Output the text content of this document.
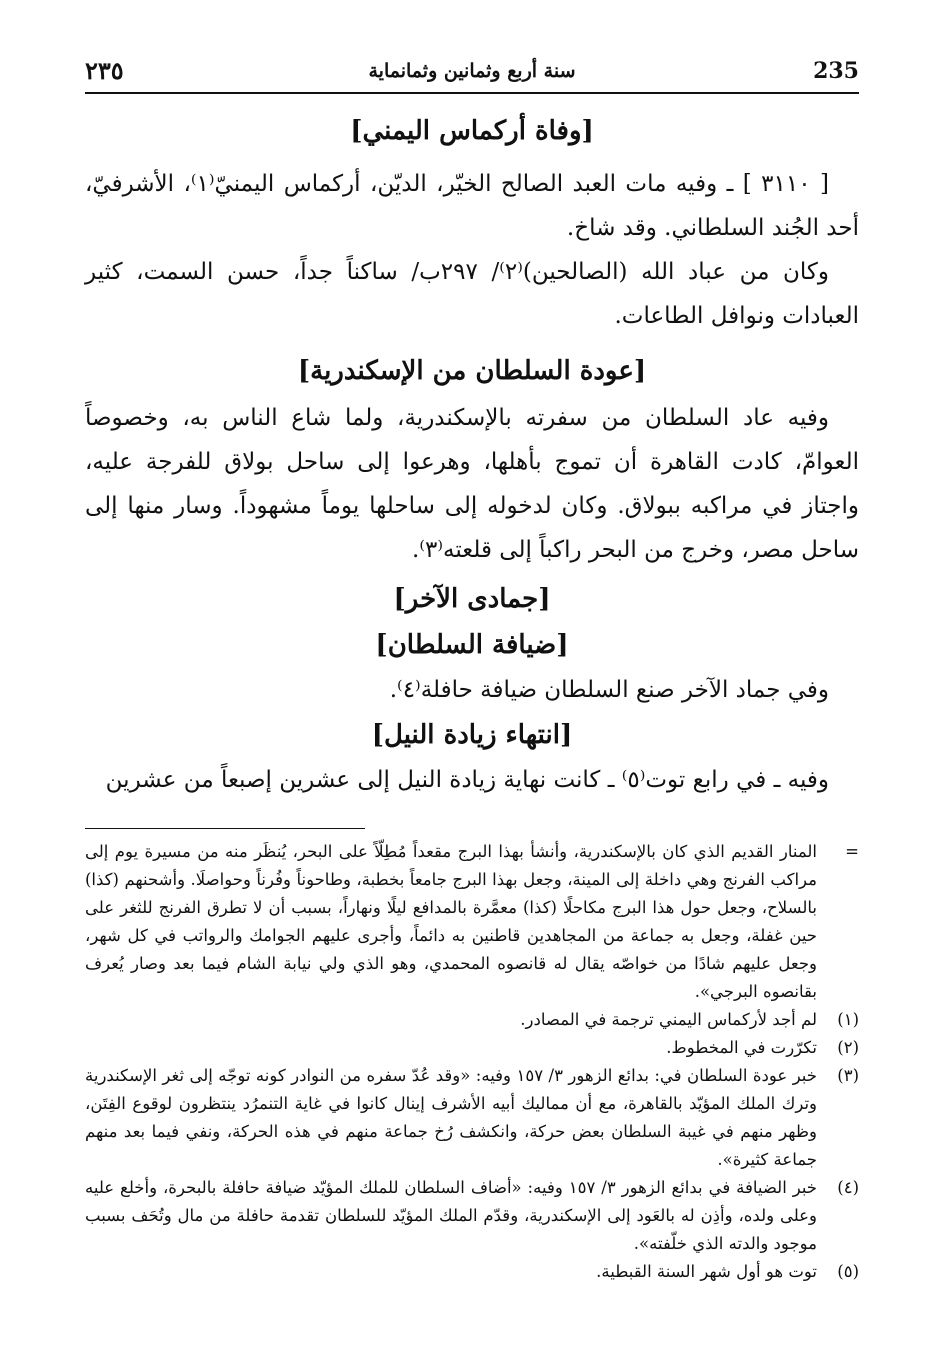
235
سنة أربع وثمانين وثمانماية
٢٣٥

[وفاة أركماس اليمني]

[ ٣١١٠ ] ـ وفيه مات العبد الصالح الخيّر، الديّن، أركماس اليمنيّ⁽١⁾، الأشرفيّ، أحد الجُند السلطاني. وقد شاخ.

وكان من عباد الله (الصالحين)⁽٢⁾/ ٢٩٧ب/ ساكناً جداً، حسن السمت، كثير العبادات ونوافل الطاعات.

[عودة السلطان من الإسكندرية]

وفيه عاد السلطان من سفرته بالإسكندرية، ولما شاع الناس به، وخصوصاً العوامّ، كادت القاهرة أن تموج بأهلها، وهرعوا إلى ساحل بولاق للفرجة عليه، واجتاز في مراكبه ببولاق. وكان لدخوله إلى ساحلها يوماً مشهوداً. وسار منها إلى ساحل مصر، وخرج من البحر راكباً إلى قلعته⁽٣⁾.

[جمادى الآخر]

[ضيافة السلطان]

وفي جماد الآخر صنع السلطان ضيافة حافلة⁽٤⁾.

[انتهاء زيادة النيل]

وفيه ـ في رابع توت⁽٥⁾ ـ كانت نهاية زيادة النيل إلى عشرين إصبعاً من عشرين

=
المنار القديم الذي كان بالإسكندرية، وأنشأ بهذا البرج مقعداً مُطِلّاً على البحر، يُنظَر منه من مسيرة يوم إلى مراكب الفرنج وهي داخلة إلى المينة، وجعل بهذا البرج جامعاً بخطبة، وطاحوناً وفُرناً وحواصلَا. وأشحنهم (كذا) بالسلاح، وجعل حول هذا البرج مكاحلًا (كذا) معمَّرة بالمدافع ليلًا ونهاراً، بسبب أن لا تطرق الفرنج للثغر على حين غفلة، وجعل به جماعة من المجاهدين قاطنين به دائماً، وأجرى عليهم الجوامك والرواتب في كل شهر، وجعل عليهم شادًا من خواصّه يقال له قانصوه المحمدي، وهو الذي ولي نيابة الشام فيما بعد وصار يُعرف بقانصوه البرجي».
(١)
لم أجد لأركماس اليمني ترجمة في المصادر.
(٢)
تكرّرت في المخطوط.
(٣)
خبر عودة السلطان في: بدائع الزهور ٣/ ١٥٧ وفيه: «وقد عُدّ سفره من النوادر كونه توجّه إلى ثغر الإسكندرية وترك الملك المؤيّد بالقاهرة، مع أن مماليك أبيه الأشرف إينال كانوا في غاية التنمرُد ينتظرون لوقوع الفِتَن، وظهر منهم في غيبة السلطان بعض حركة، وانكشف رُخ جماعة منهم في هذه الحركة، ونفي فيما بعد منهم جماعة كثيرة».
(٤)
خبر الضيافة في بدائع الزهور ٣/ ١٥٧ وفيه: «أضاف السلطان للملك المؤيّد ضيافة حافلة بالبحرة، وأخلع عليه وعلى ولده، وأذِن له بالعَود إلى الإسكندرية، وقدّم الملك المؤيّد للسلطان تقدمة حافلة من مال وتُحَف بسبب موجود والدته الذي خلّفته».
(٥)
توت هو أول شهر السنة القبطية.
